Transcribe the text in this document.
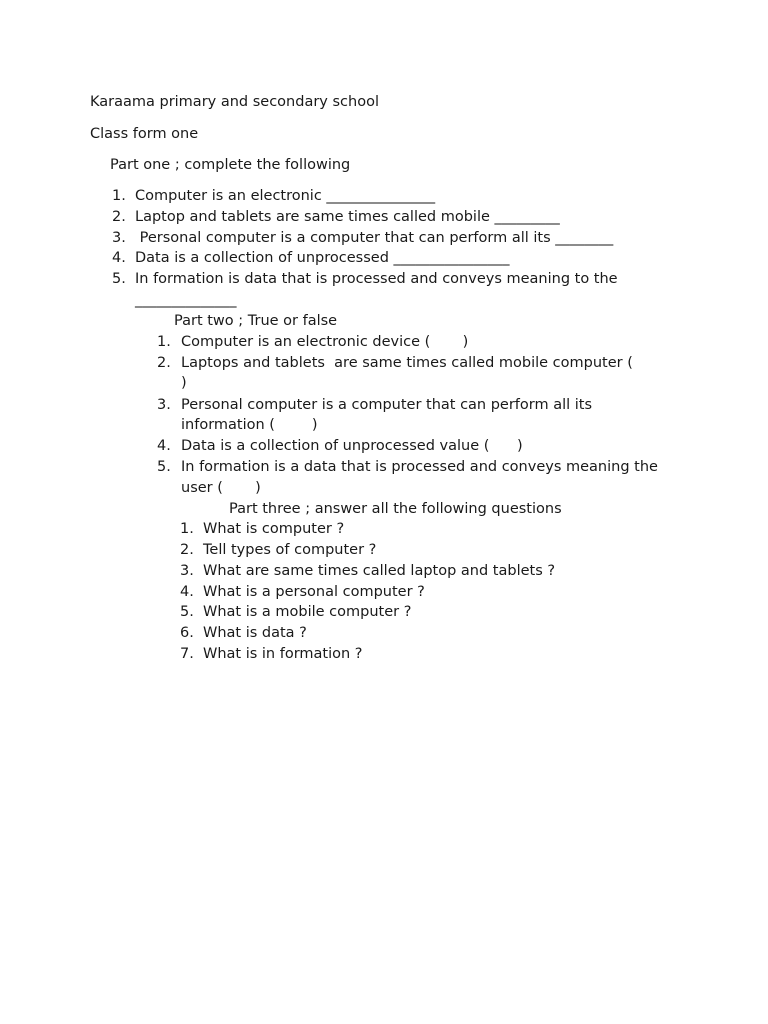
Karaama primary and secondary school
Class form one
Part one ; complete the following
1. Computer is an electronic _______________
2. Laptop and tablets are same times called mobile _________
3. Personal computer is a computer that can perform all its ________
4. Data is a collection of unprocessed ________________
5. In formation is data that is processed and conveys meaning to the
______________
Part two ; True or false
1. Computer is an electronic device (       )
2. Laptops and tablets  are same times called mobile computer (
)
3. Personal computer is a computer that can perform all its
information (        )
4. Data is a collection of unprocessed value (      )
5. In formation is a data that is processed and conveys meaning the
user (       )
Part three ; answer all the following questions
1. What is computer ?
2. Tell types of computer ?
3. What are same times called laptop and tablets ?
4. What is a personal computer ?
5. What is a mobile computer ?
6. What is data ?
7. What is in formation ?
